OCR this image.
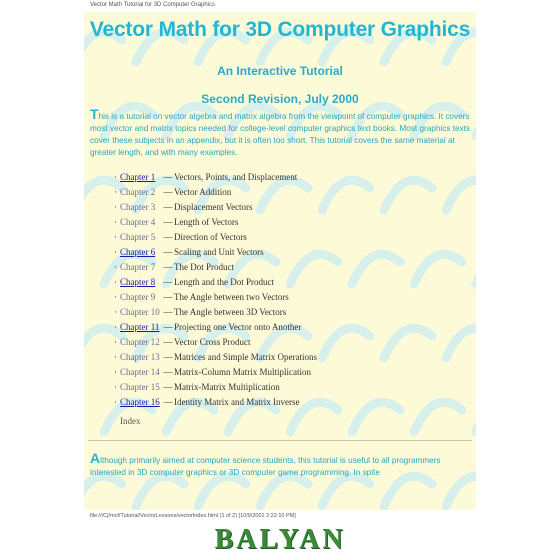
Vector Math Tutorial for 3D Computer Graphics
Vector Math for 3D Computer Graphics
An Interactive Tutorial
Second Revision, July 2000

This is a tutorial on vector algebra and matrix algebra from the viewpoint of computer graphics. It covers most vector and matrix topics needed for college-level computer graphics text books. Most graphics texts cover these subjects in an appendix, but it is often too short. This tutorial covers the same material at greater length, and with many examples.

· Chapter 1 — Vectors, Points, and Displacement
· Chapter 2 — Vector Addition
· Chapter 3 — Displacement Vectors
· Chapter 4 — Length of Vectors
· Chapter 5 — Direction of Vectors
· Chapter 6 — Scaling and Unit Vectors
· Chapter 7 — The Dot Product
· Chapter 8 — Length and the Dot Product
· Chapter 9 — The Angle between two Vectors
· Chapter 10 — The Angle between 3D Vectors
· Chapter 11 — Projecting one Vector onto Another
· Chapter 12 — Vector Cross Product
· Chapter 13 — Matrices and Simple Matrix Operations
· Chapter 14 — Matrix-Column Matrix Multiplication
· Chapter 15 — Matrix-Matrix Multiplication
· Chapter 16 — Identity Matrix and Matrix Inverse
Index

Although primarily aimed at computer science students, this tutorial is useful to all programmers interested in 3D computer graphics or 3D computer game programming. In spite

file:///C|/mcf/Tutorial/VectorLessons/vectorIndex.html (1 of 2) [10/9/2001 2:22:10 PM]
BALYAN
